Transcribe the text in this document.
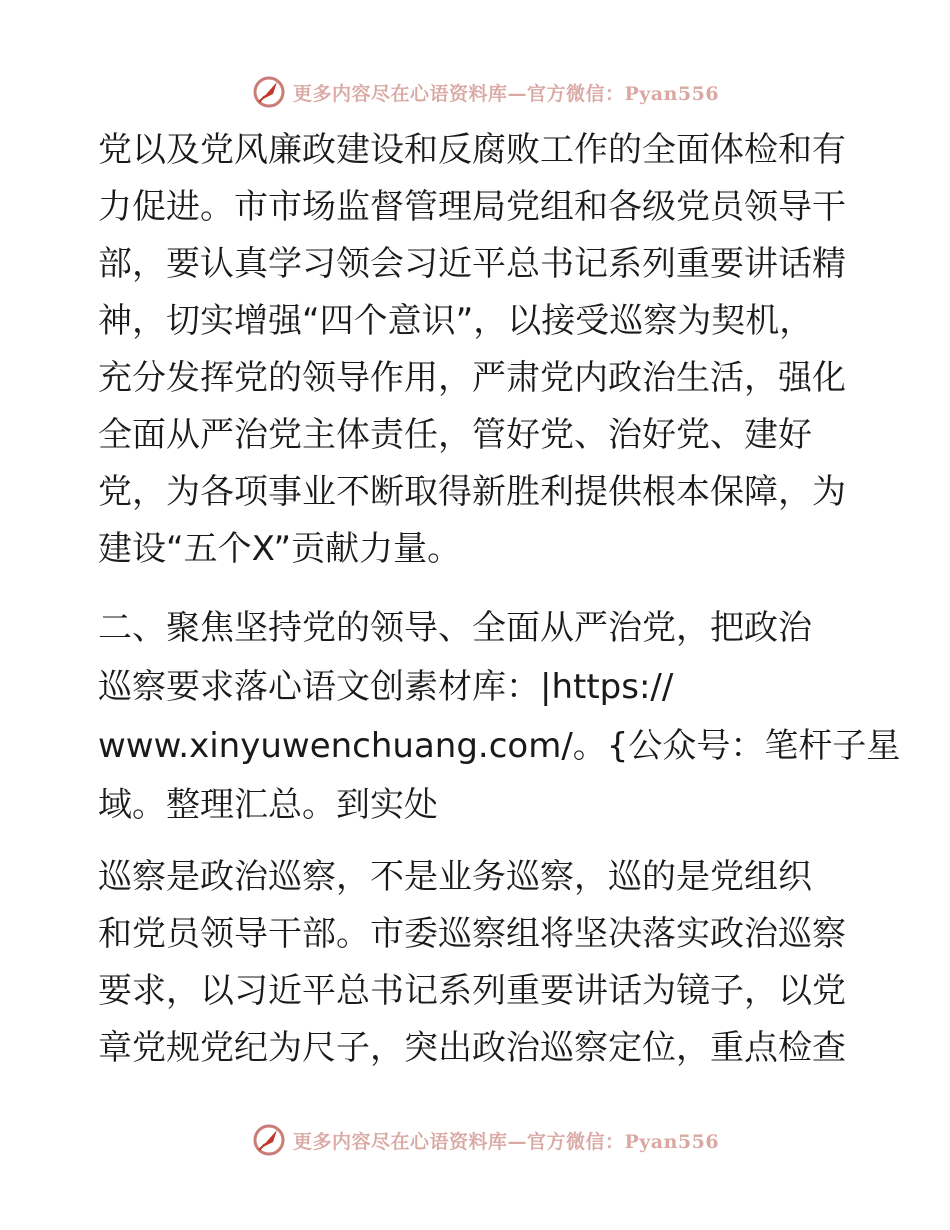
更多内容尽在心语资料库—官方微信：Pyan556
党以及党风廉政建设和反腐败工作的全面体检和有
力促进。市市场监督管理局党组和各级党员领导干
部，要认真学习领会习近平总书记系列重要讲话精
神，切实增强“四个意识”，以接受巡察为契机，
充分发挥党的领导作用，严肃党内政治生活，强化
全面从严治党主体责任，管好党、治好党、建好
党，为各项事业不断取得新胜利提供根本保障，为
建设“五个X”贡献力量。
二、聚焦坚持党的领导、全面从严治党，把政治
巡察要求落心语文创素材库：|https://
www.xinyuwenchuang.com/。{公众号：笔杆子星
域。整理汇总。到实处
巡察是政治巡察，不是业务巡察，巡的是党组织
和党员领导干部。市委巡察组将坚决落实政治巡察
要求，以习近平总书记系列重要讲话为镜子，以党
章党规党纪为尺子，突出政治巡察定位，重点检查
更多内容尽在心语资料库—官方微信：Pyan556
